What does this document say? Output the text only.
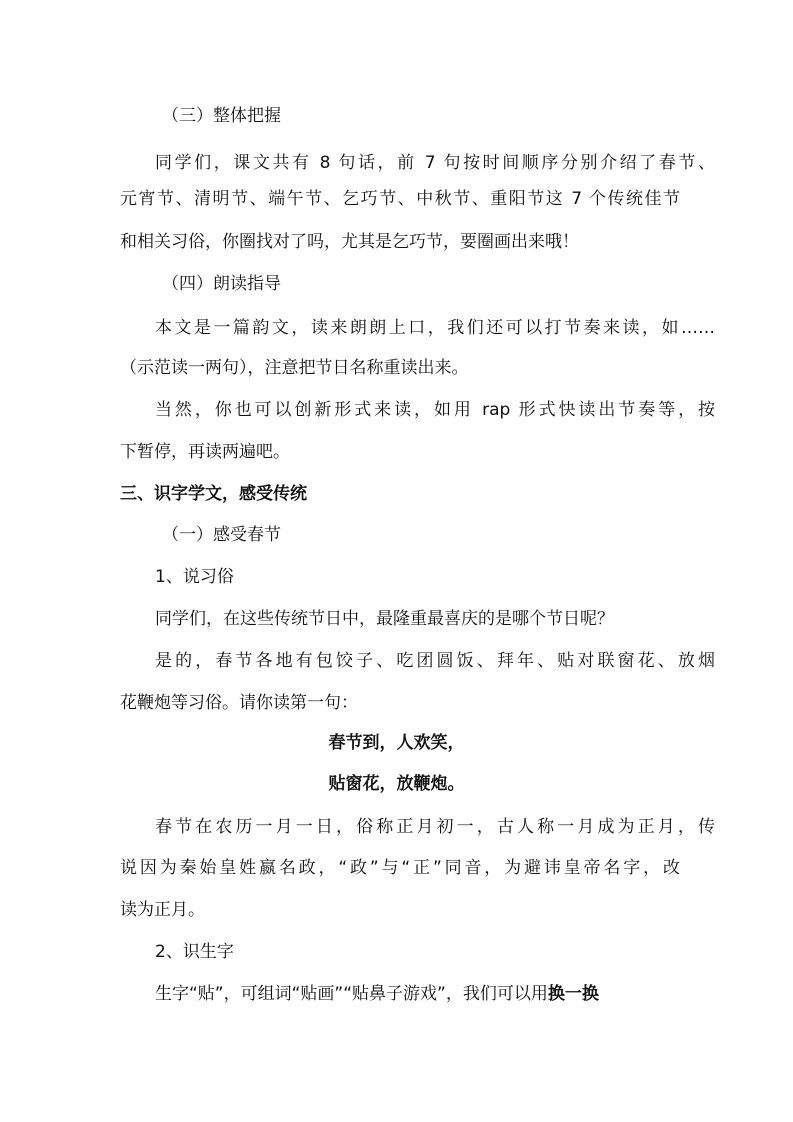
（三）整体把握
同学们，课文共有 8 句话，前 7 句按时间顺序分别介绍了春节、
元宵节、清明节、端午节、乞巧节、中秋节、重阳节这 7 个传统佳节
和相关习俗，你圈找对了吗，尤其是乞巧节，要圈画出来哦！
（四）朗读指导
本文是一篇韵文，读来朗朗上口，我们还可以打节奏来读，如……
（示范读一两句），注意把节日名称重读出来。
当然，你也可以创新形式来读，如用 rap 形式快读出节奏等，按
下暂停，再读两遍吧。
三、识字学文，感受传统
（一）感受春节
1、说习俗
同学们，在这些传统节日中，最隆重最喜庆的是哪个节日呢？
是的，春节各地有包饺子、吃团圆饭、拜年、贴对联窗花、放烟
花鞭炮等习俗。请你读第一句：
春节到，人欢笑，
贴窗花，放鞭炮。
春节在农历一月一日，俗称正月初一，古人称一月成为正月，传
说因为秦始皇姓嬴名政，“政”与“正”同音，为避讳皇帝名字，改
读为正月。
2、识生字
生字“贴”，可组词“贴画”“贴鼻子游戏”，我们可以用换一换
